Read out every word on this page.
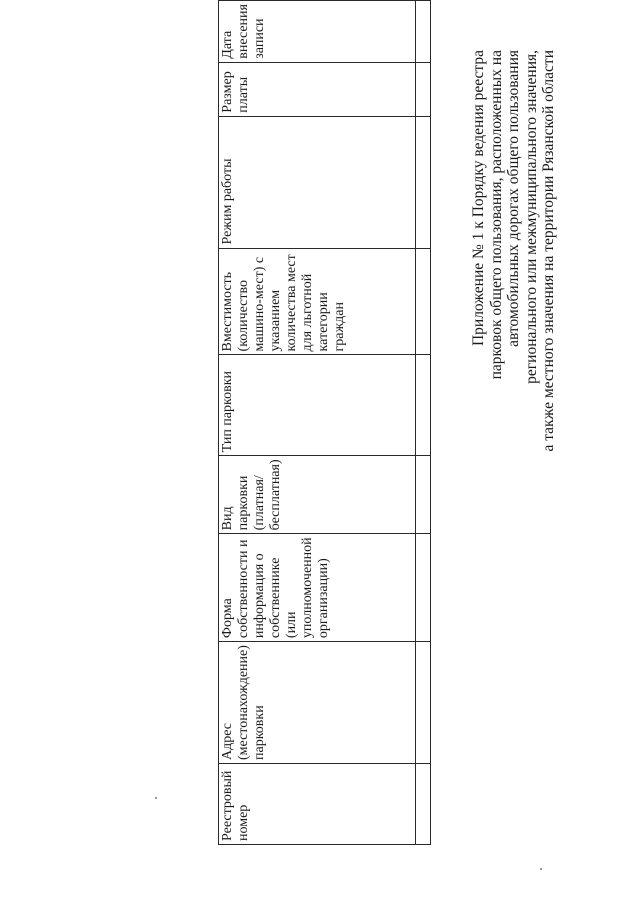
Приложение № 1 к Порядку ведения реестра парковок общего пользования, расположенных на автомобильных дорогах общего пользования регионального или межмуниципального значения, а также местного значения на территории Рязанской области
Реестровый номер	Адрес (местонахождение) парковки	Форма собственности и информация о собственнике (или уполномоченной организации)	Вид парковки (платная/бесплатная)	Тип парковки	Вместимость (количество машино-мест) с указанием количества мест для льготной категории граждан	Режим работы	Размер платы	Дата внесения записи
